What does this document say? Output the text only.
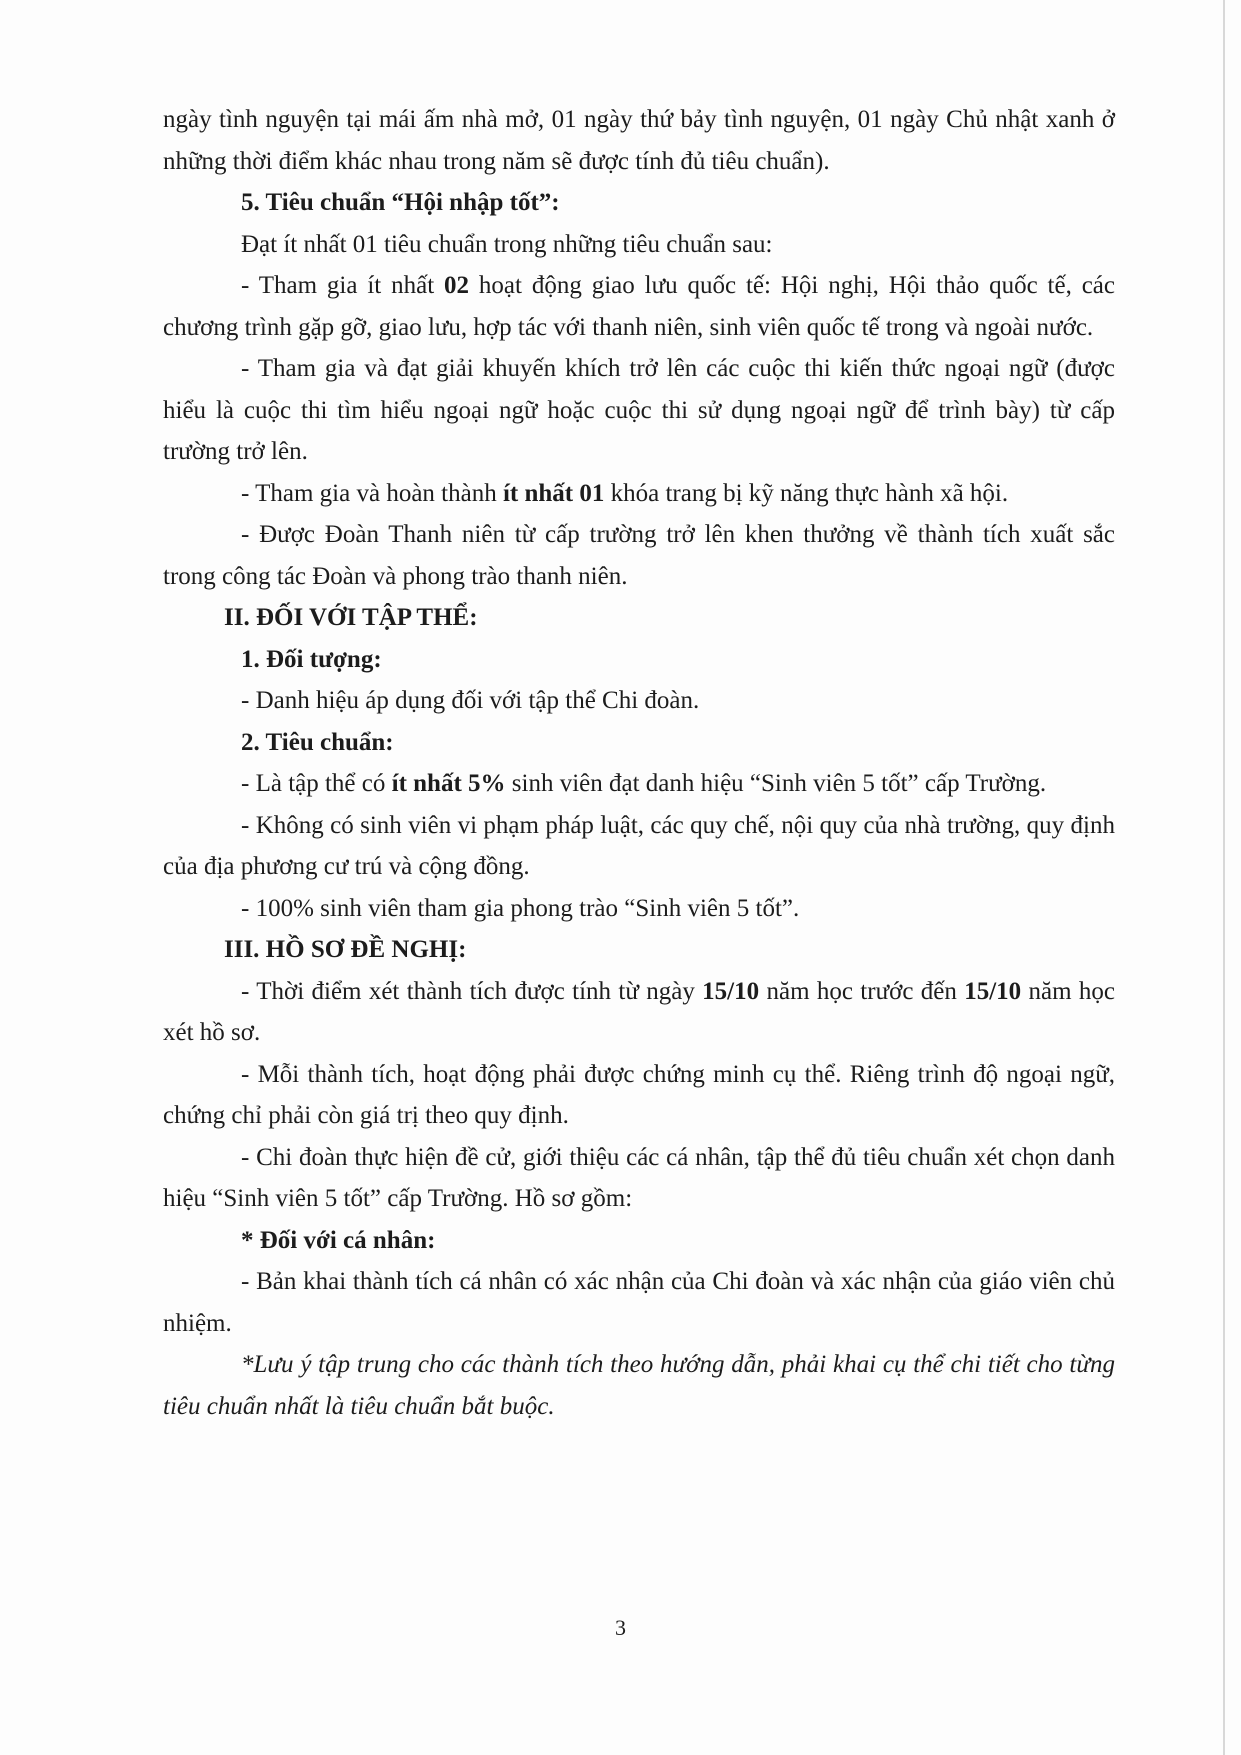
ngày tình nguyện tại mái ấm nhà mở, 01 ngày thứ bảy tình nguyện, 01 ngày Chủ nhật xanh ở những thời điểm khác nhau trong năm sẽ được tính đủ tiêu chuẩn).

5. Tiêu chuẩn “Hội nhập tốt”:

Đạt ít nhất 01 tiêu chuẩn trong những tiêu chuẩn sau:

- Tham gia ít nhất 02 hoạt động giao lưu quốc tế: Hội nghị, Hội thảo quốc tế, các chương trình gặp gỡ, giao lưu, hợp tác với thanh niên, sinh viên quốc tế trong và ngoài nước.

- Tham gia và đạt giải khuyến khích trở lên các cuộc thi kiến thức ngoại ngữ (được hiểu là cuộc thi tìm hiểu ngoại ngữ hoặc cuộc thi sử dụng ngoại ngữ để trình bày) từ cấp trường trở lên.

- Tham gia và hoàn thành ít nhất 01 khóa trang bị kỹ năng thực hành xã hội.

- Được Đoàn Thanh niên từ cấp trường trở lên khen thưởng về thành tích xuất sắc trong công tác Đoàn và phong trào thanh niên.

II. ĐỐI VỚI TẬP THỂ:

1. Đối tượng:

- Danh hiệu áp dụng đối với tập thể Chi đoàn.

2. Tiêu chuẩn:

- Là tập thể có ít nhất 5% sinh viên đạt danh hiệu “Sinh viên 5 tốt” cấp Trường.

- Không có sinh viên vi phạm pháp luật, các quy chế, nội quy của nhà trường, quy định của địa phương cư trú và cộng đồng.

- 100% sinh viên tham gia phong trào “Sinh viên 5 tốt”.

III. HỒ SƠ ĐỀ NGHỊ:

- Thời điểm xét thành tích được tính từ ngày 15/10 năm học trước đến 15/10 năm học xét hồ sơ.

- Mỗi thành tích, hoạt động phải được chứng minh cụ thể. Riêng trình độ ngoại ngữ, chứng chỉ phải còn giá trị theo quy định.

- Chi đoàn thực hiện đề cử, giới thiệu các cá nhân, tập thể đủ tiêu chuẩn xét chọn danh hiệu “Sinh viên 5 tốt” cấp Trường. Hồ sơ gồm:

* Đối với cá nhân:

- Bản khai thành tích cá nhân có xác nhận của Chi đoàn và xác nhận của giáo viên chủ nhiệm.

*Lưu ý tập trung cho các thành tích theo hướng dẫn, phải khai cụ thể chi tiết cho từng tiêu chuẩn nhất là tiêu chuẩn bắt buộc.

3
